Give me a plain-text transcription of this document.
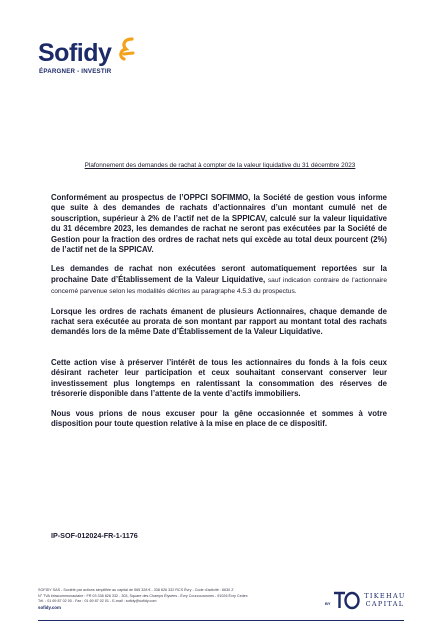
Sofidy
ÉPARGNER - INVESTIR
Plafonnement des demandes de rachat à compter de la valeur liquidative du 31 décembre 2023

Conformément au prospectus de l’OPPCI SOFIMMO, la Société de gestion vous informe que suite à des demandes de rachats d’actionnaires d’un montant cumulé net de souscription, supérieur à 2% de l’actif net de la SPPICAV, calculé sur la valeur liquidative du 31 décembre 2023, les demandes de rachat ne seront pas exécutées par la Société de Gestion pour la fraction des ordres de rachat nets qui excède au total deux pourcent (2%) de l’actif net de la SPPICAV.

Les demandes de rachat non exécutées seront automatiquement reportées sur la prochaine Date d’Établissement de la Valeur Liquidative, sauf indication contraire de l’actionnaire concerné parvenue selon les modalités décrites au paragraphe 4.5.3 du prospectus.

Lorsque les ordres de rachats émanent de plusieurs Actionnaires, chaque demande de rachat sera exécutée au prorata de son montant par rapport au montant total des rachats demandés lors de la même Date d’Établissement de la Valeur Liquidative.

Cette action vise à préserver l’intérêt de tous les actionnaires du fonds à la fois ceux désirant racheter leur participation et ceux souhaitant conservant conserver leur investissement plus longtemps en ralentissant la consommation des réserves de trésorerie disponible dans l’attente de la vente d’actifs immobiliers.

Nous vous prions de nous excuser pour la gêne occasionnée et sommes à votre disposition pour toute question relative à la mise en place de ce dispositif.

IP-SOF-012024-FR-1-1176
SOFIDY SAS - Société par actions simplifiée au capital de 565 328 € - 338 826 332 RCS Évry - Code d’activité : 6630 Z
N° TVA intracommunautaire : FR 03 338 826 332 - 303, Square des Champs Élysées - Évry Courcouronnes - 91026 Évry Cedex
Tél. : 01 69 87 02 00 - Fax : 01 69 87 02 01 - E-mail : sofidy@sofidy.com
sofidy.com
BY
TIKEHAU
CAPITAL
